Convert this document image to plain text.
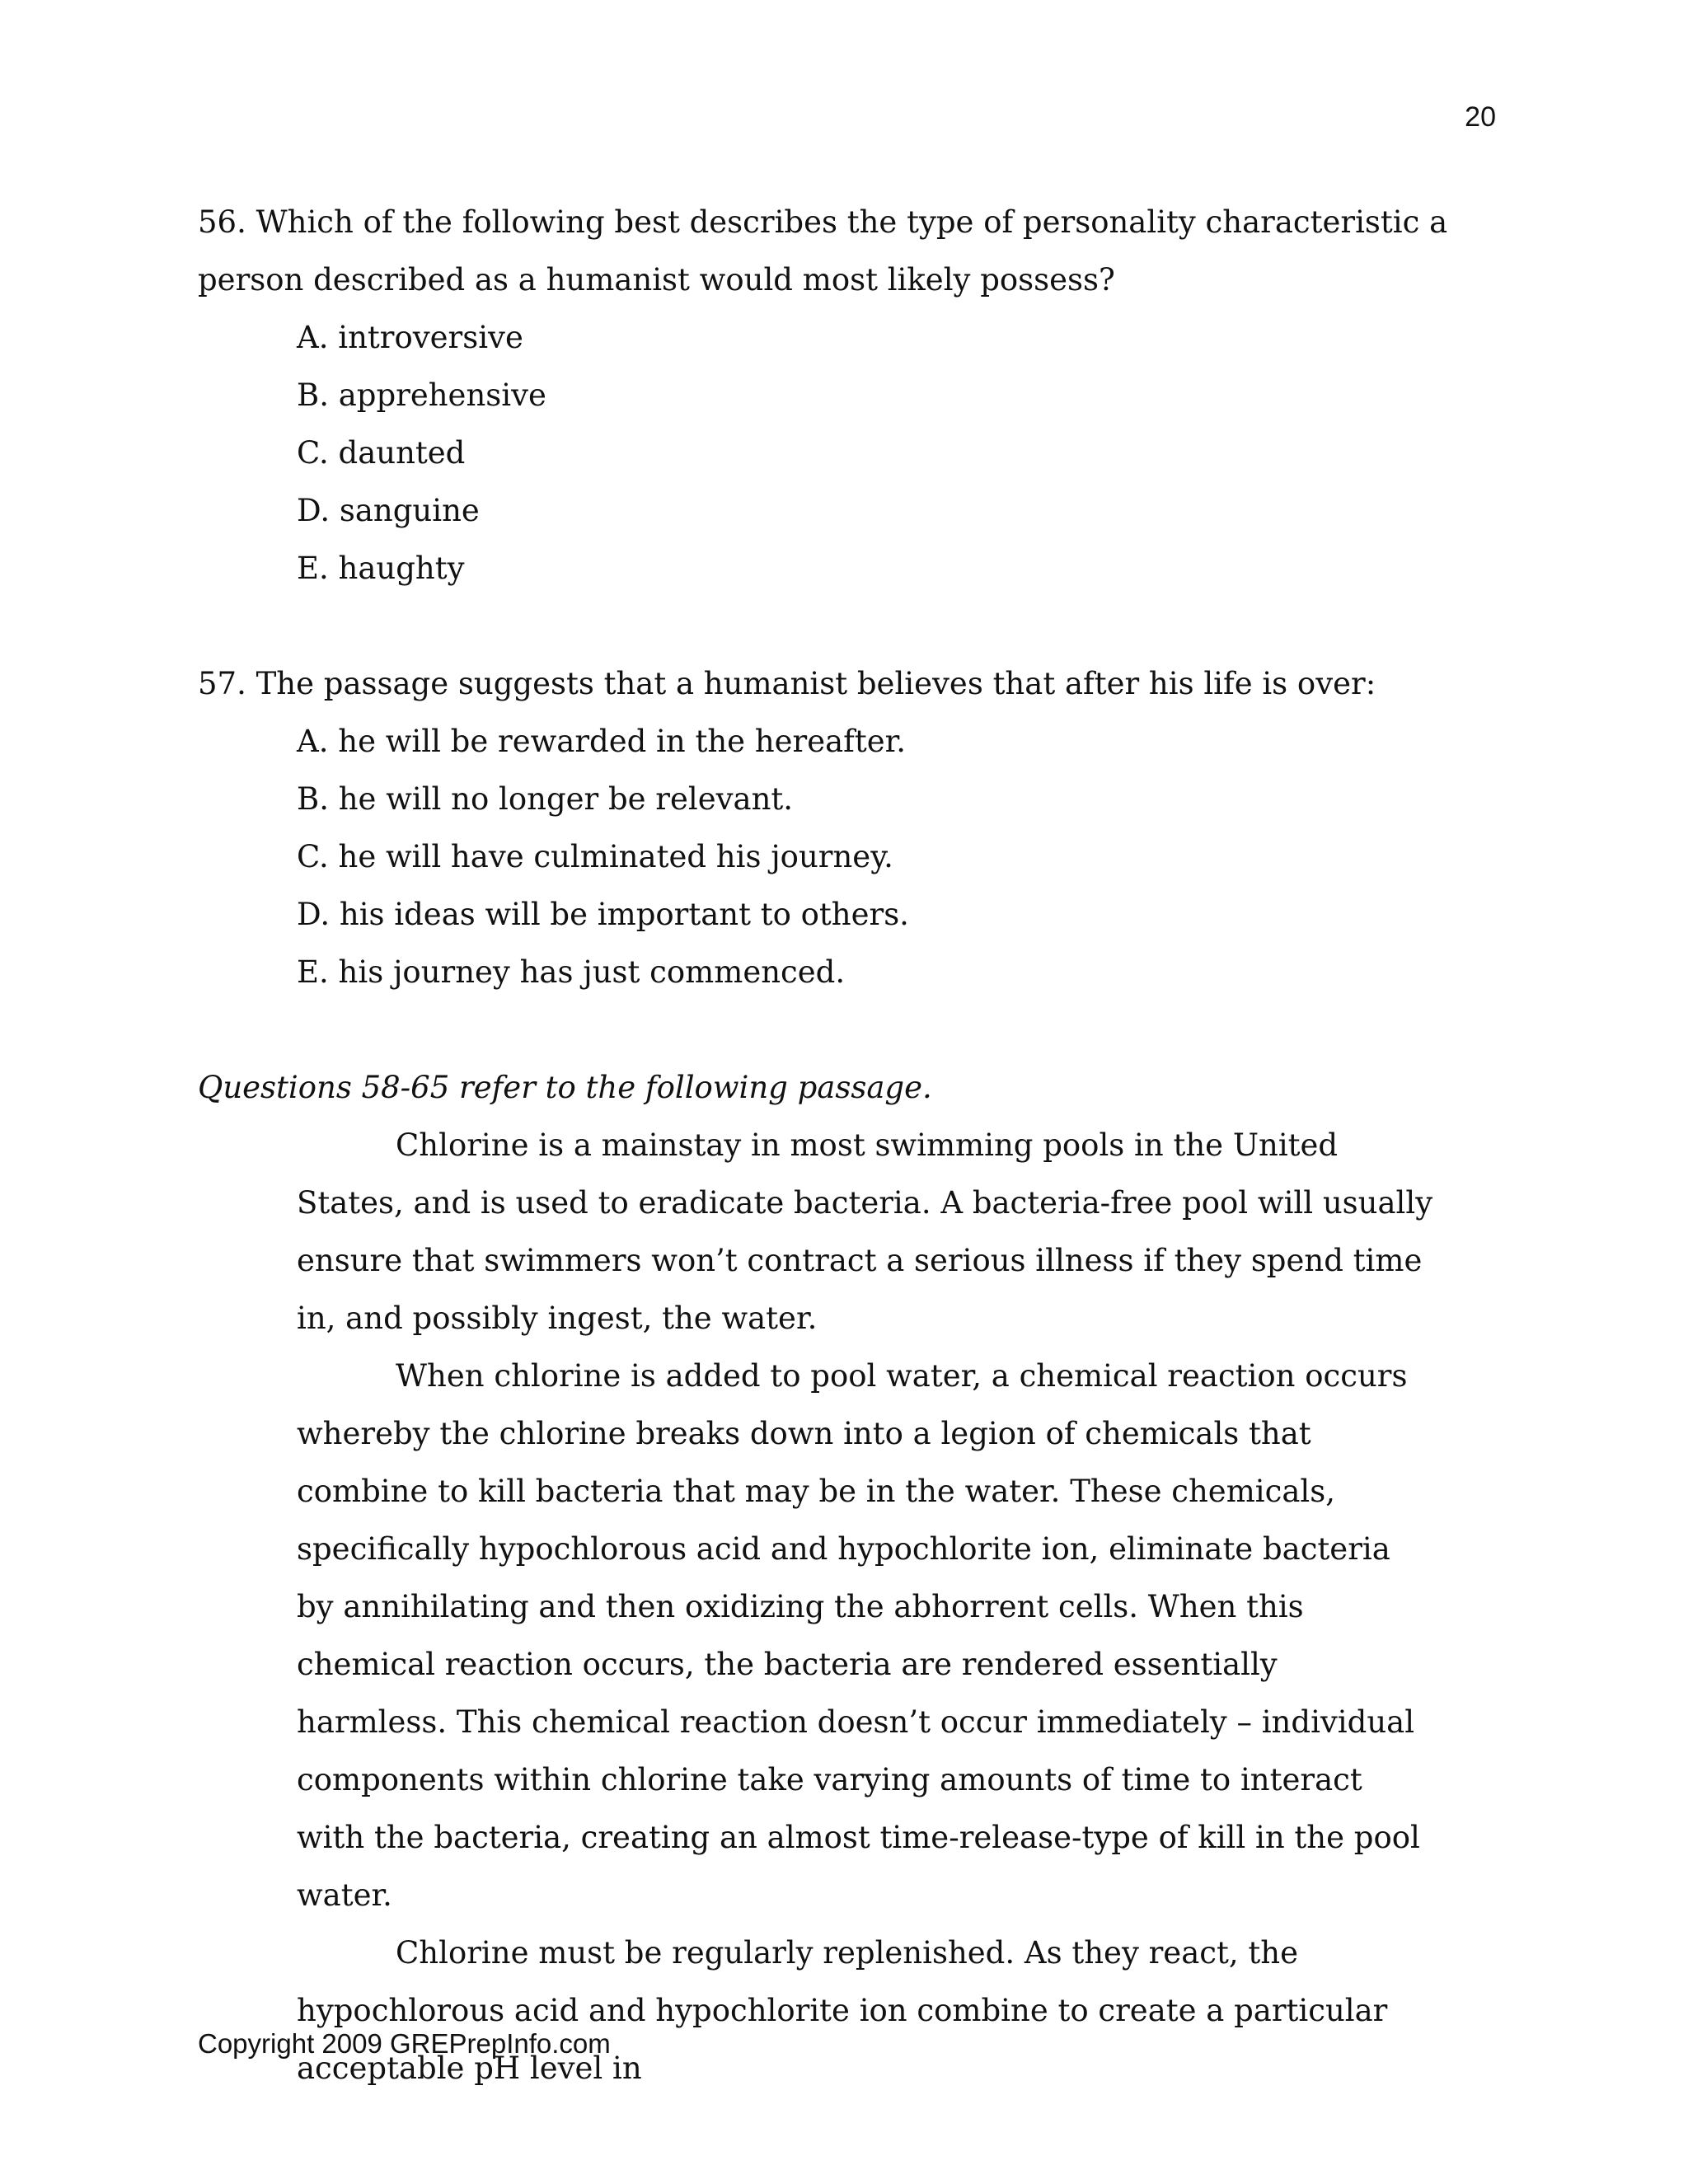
20

56. Which of the following best describes the type of personality characteristic a person described as a humanist would most likely possess?

A. introversive
B. apprehensive
C. daunted
D. sanguine
E. haughty

57. The passage suggests that a humanist believes that after his life is over:

A. he will be rewarded in the hereafter.
B. he will no longer be relevant.
C. he will have culminated his journey.
D. his ideas will be important to others.
E. his journey has just commenced.

Questions 58-65 refer to the following passage.

Chlorine is a mainstay in most swimming pools in the United States, and is used to eradicate bacteria. A bacteria-free pool will usually ensure that swimmers won’t contract a serious illness if they spend time in, and possibly ingest, the water.

When chlorine is added to pool water, a chemical reaction occurs whereby the chlorine breaks down into a legion of chemicals that combine to kill bacteria that may be in the water. These chemicals, specifically hypochlorous acid and hypochlorite ion, eliminate bacteria by annihilating and then oxidizing the abhorrent cells. When this chemical reaction occurs, the bacteria are rendered essentially harmless. This chemical reaction doesn’t occur immediately – individual components within chlorine take varying amounts of time to interact with the bacteria, creating an almost time-release-type of kill in the pool water.

Chlorine must be regularly replenished. As they react, the hypochlorous acid and hypochlorite ion combine to create a particular acceptable pH level in

Copyright 2009 GREPrepInfo.com
